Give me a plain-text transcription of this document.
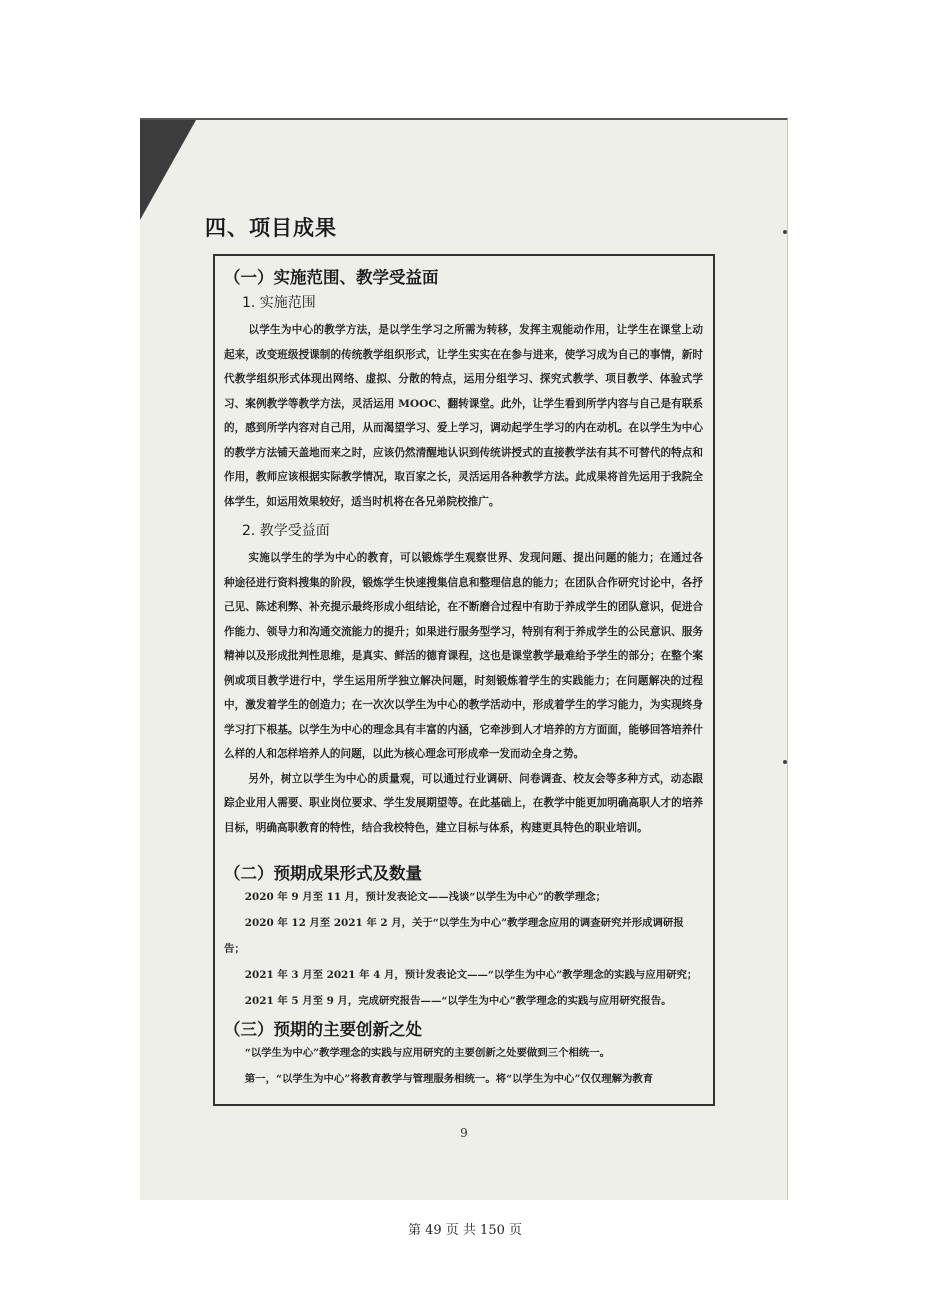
四、项目成果
（一）实施范围、教学受益面
1. 实施范围

以学生为中心的教学方法，是以学生学习之所需为转移，发挥主观能动作用，让学生在课堂上动起来，改变班级授课制的传统教学组织形式，让学生实实在在参与进来，使学习成为自己的事情，新时代教学组织形式体现出网络、虚拟、分散的特点，运用分组学习、探究式教学、项目教学、体验式学习、案例教学等教学方法，灵活运用 MOOC、翻转课堂。此外，让学生看到所学内容与自己是有联系的，感到所学内容对自己用，从而渴望学习、爱上学习，调动起学生学习的内在动机。在以学生为中心的教学方法铺天盖地而来之时，应该仍然清醒地认识到传统讲授式的直接教学法有其不可替代的特点和作用，教师应该根据实际教学情况，取百家之长，灵活运用各种教学方法。此成果将首先运用于我院全体学生，如运用效果较好，适当时机将在各兄弟院校推广。

2. 教学受益面

实施以学生的学为中心的教育，可以锻炼学生观察世界、发现问题、提出问题的能力；在通过各种途径进行资料搜集的阶段，锻炼学生快速搜集信息和整理信息的能力；在团队合作研究讨论中，各抒己见、陈述利弊、补充提示最终形成小组结论，在不断磨合过程中有助于养成学生的团队意识，促进合作能力、领导力和沟通交流能力的提升；如果进行服务型学习，特别有利于养成学生的公民意识、服务精神以及形成批判性思维，是真实、鲜活的德育课程，这也是课堂教学最难给予学生的部分；在整个案例或项目教学进行中，学生运用所学独立解决问题，时刻锻炼着学生的实践能力；在问题解决的过程中，激发着学生的创造力；在一次次以学生为中心的教学活动中，形成着学生的学习能力，为实现终身学习打下根基。以学生为中心的理念具有丰富的内涵，它牵涉到人才培养的方方面面，能够回答培养什么样的人和怎样培养人的问题，以此为核心理念可形成牵一发而动全身之势。

另外，树立以学生为中心的质量观，可以通过行业调研、问卷调查、校友会等多种方式，动态跟踪企业用人需要、职业岗位要求、学生发展期望等。在此基础上，在教学中能更加明确高职人才的培养目标，明确高职教育的特性，结合我校特色，建立目标与体系，构建更具特色的职业培训。

（二）预期成果形式及数量

2020 年 9 月至 11 月，预计发表论文——浅谈“以学生为中心”的教学理念；

2020 年 12 月至 2021 年 2 月，关于“以学生为中心”教学理念应用的调查研究并形成调研报告；

2021 年 3 月至 2021 年 4 月，预计发表论文——“以学生为中心”教学理念的实践与应用研究；

2021 年 5 月至 9 月，完成研究报告——“以学生为中心”教学理念的实践与应用研究报告。

（三）预期的主要创新之处

“以学生为中心”教学理念的实践与应用研究的主要创新之处要做到三个相统一。

第一，“以学生为中心”将教育教学与管理服务相统一。将“以学生为中心”仅仅理解为教育

9
第 49 页 共 150 页
